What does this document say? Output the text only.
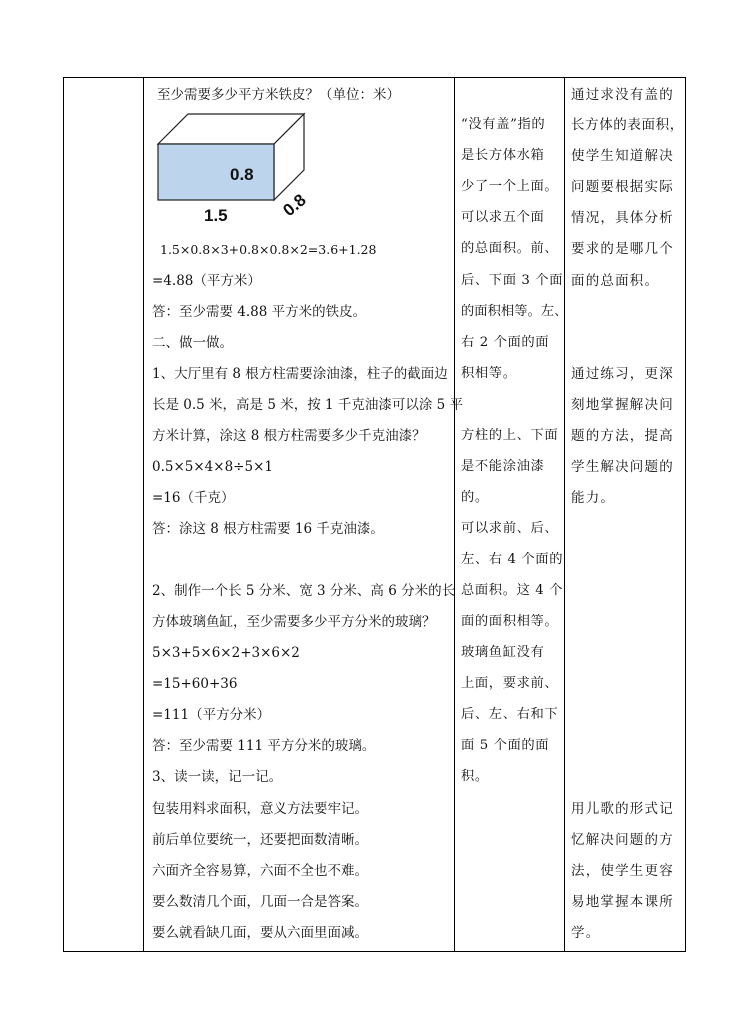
至少需要多少平方米铁皮？（单位：米）
0.8
0.8
1.5
1.5×0.8×3+0.8×0.8×2=3.6+1.28
=4.88（平方米）
答：至少需要 4.88 平方米的铁皮。
二、做一做。
1、大厅里有 8 根方柱需要涂油漆，柱子的截面边
长是 0.5 米，高是 5 米，按 1 千克油漆可以涂 5 平
方米计算，涂这 8 根方柱需要多少千克油漆？
0.5×5×4×8÷5×1
=16（千克）
答：涂这 8 根方柱需要 16 千克油漆。
2、制作一个长 5 分米、宽 3 分米、高 6 分米的长
方体玻璃鱼缸，至少需要多少平方分米的玻璃？
5×3+5×6×2+3×6×2
=15+60+36
=111（平方分米）
答：至少需要 111 平方分米的玻璃。
3、读一读，记一记。
包装用料求面积，意义方法要牢记。
前后单位要统一，还要把面数清晰。
六面齐全容易算，六面不全也不难。
要么数清几个面，几面一合是答案。
要么就看缺几面，要从六面里面减。

“没有盖”指的
是长方体水箱
少了一个上面。
可以求五个面
的总面积。前、
后、下面 3 个面
的面积相等。左、
右 2 个面的面
积相等。
方柱的上、下面
是不能涂油漆
的。
可以求前、后、
左、右 4 个面的
总面积。这 4 个
面的面积相等。
玻璃鱼缸没有
上面，要求前、
后、左、右和下
面 5 个面的面
积。

通过求没有盖的
长方体的表面积，
使学生知道解决
问题要根据实际
情况，具体分析
要求的是哪几个
面的总面积。
通过练习，更深
刻地掌握解决问
题的方法，提高
学生解决问题的
能力。
用儿歌的形式记
忆解决问题的方
法，使学生更容
易地掌握本课所
学。
